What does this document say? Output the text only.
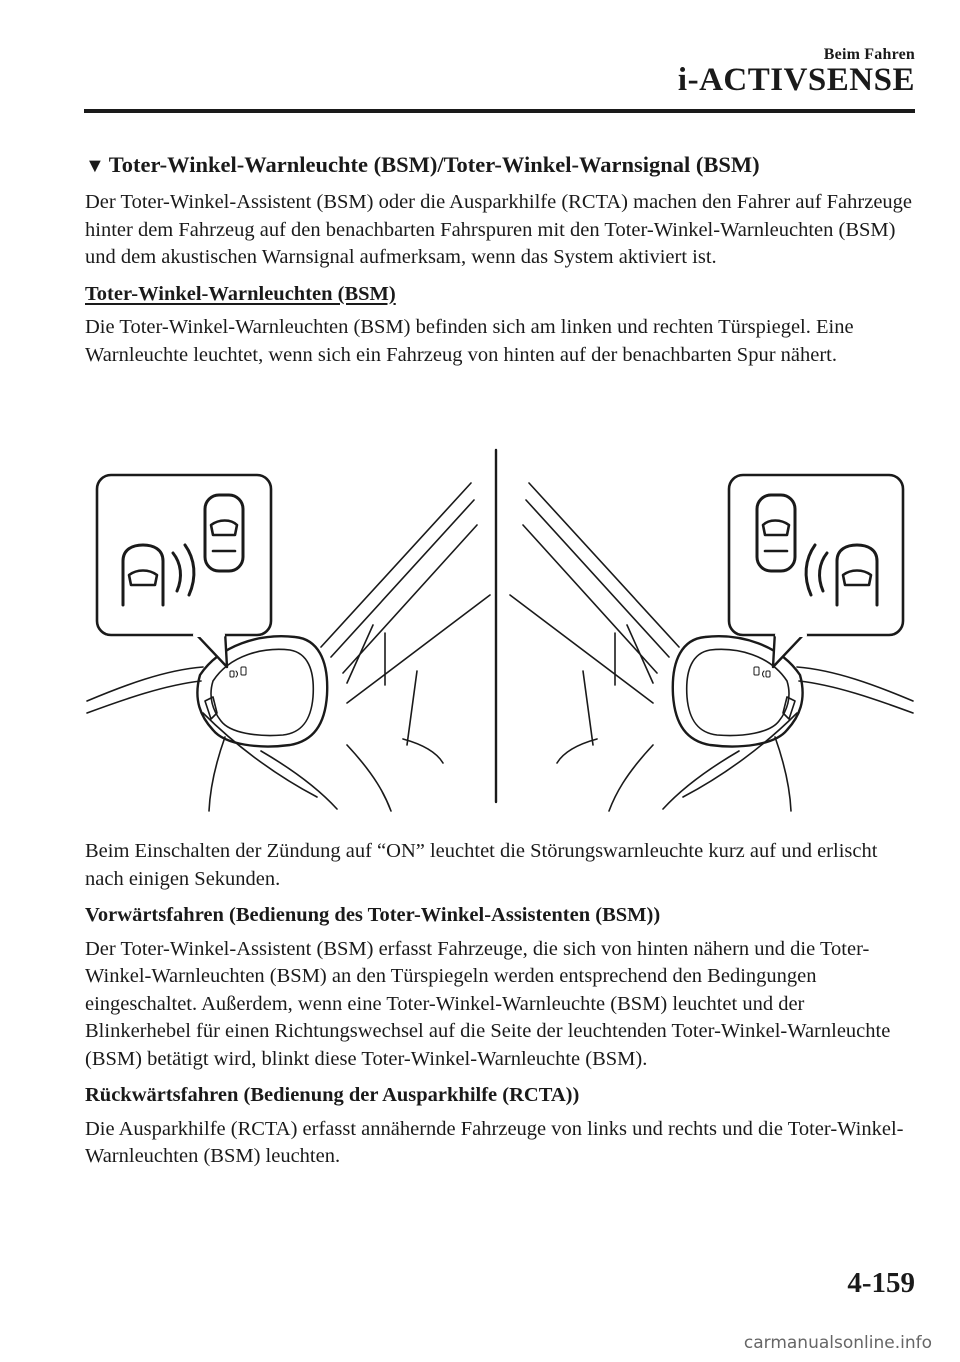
Beim Fahren
i-ACTIVSENSE
▼ Toter-Winkel-Warnleuchte (BSM)/Toter-Winkel-Warnsignal (BSM)

Der Toter-Winkel-Assistent (BSM) oder die Ausparkhilfe (RCTA) machen den Fahrer auf Fahrzeuge hinter dem Fahrzeug auf den benachbarten Fahrspuren mit den Toter-Winkel-Warnleuchten (BSM) und dem akustischen Warnsignal aufmerksam, wenn das System aktiviert ist.

Toter-Winkel-Warnleuchten (BSM)

Die Toter-Winkel-Warnleuchten (BSM) befinden sich am linken und rechten Türspiegel. Eine Warnleuchte leuchtet, wenn sich ein Fahrzeug von hinten auf der benachbarten Spur nähert.

Beim Einschalten der Zündung auf “ON” leuchtet die Störungswarnleuchte kurz auf und erlischt nach einigen Sekunden.

Vorwärtsfahren (Bedienung des Toter-Winkel-Assistenten (BSM))

Der Toter-Winkel-Assistent (BSM) erfasst Fahrzeuge, die sich von hinten nähern und die Toter-Winkel-Warnleuchten (BSM) an den Türspiegeln werden entsprechend den Bedingungen eingeschaltet. Außerdem, wenn eine Toter-Winkel-Warnleuchte (BSM) leuchtet und der Blinkerhebel für einen Richtungswechsel auf die Seite der leuchtenden Toter-Winkel-Warnleuchte (BSM) betätigt wird, blinkt diese Toter-Winkel-Warnleuchte (BSM).

Rückwärtsfahren (Bedienung der Ausparkhilfe (RCTA))

Die Ausparkhilfe (RCTA) erfasst annähernde Fahrzeuge von links und rechts und die Toter-Winkel-Warnleuchten (BSM) leuchten.

4-159
carmanualsonline.info
